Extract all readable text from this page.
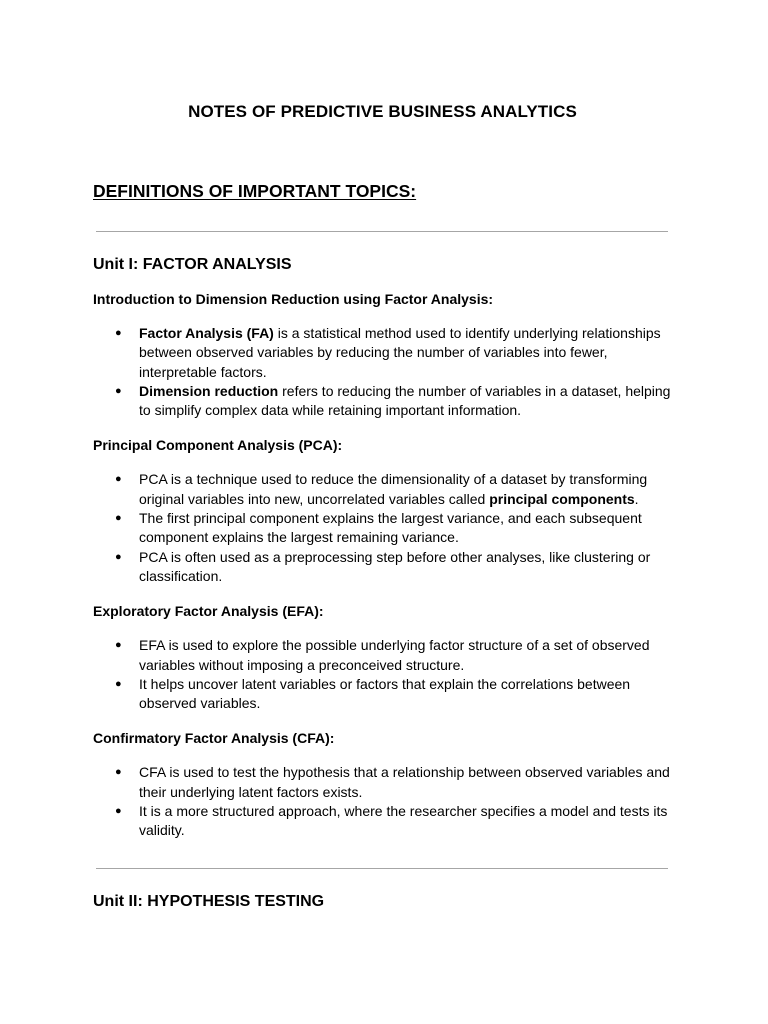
NOTES OF PREDICTIVE BUSINESS ANALYTICS
DEFINITIONS OF IMPORTANT TOPICS:
Unit I: FACTOR ANALYSIS
Introduction to Dimension Reduction using Factor Analysis:
● Factor Analysis (FA) is a statistical method used to identify underlying relationships between observed variables by reducing the number of variables into fewer, interpretable factors.
● Dimension reduction refers to reducing the number of variables in a dataset, helping to simplify complex data while retaining important information.
Principal Component Analysis (PCA):
● PCA is a technique used to reduce the dimensionality of a dataset by transforming original variables into new, uncorrelated variables called principal components.
● The first principal component explains the largest variance, and each subsequent component explains the largest remaining variance.
● PCA is often used as a preprocessing step before other analyses, like clustering or classification.
Exploratory Factor Analysis (EFA):
● EFA is used to explore the possible underlying factor structure of a set of observed variables without imposing a preconceived structure.
● It helps uncover latent variables or factors that explain the correlations between observed variables.
Confirmatory Factor Analysis (CFA):
● CFA is used to test the hypothesis that a relationship between observed variables and their underlying latent factors exists.
● It is a more structured approach, where the researcher specifies a model and tests its validity.
Unit II: HYPOTHESIS TESTING
